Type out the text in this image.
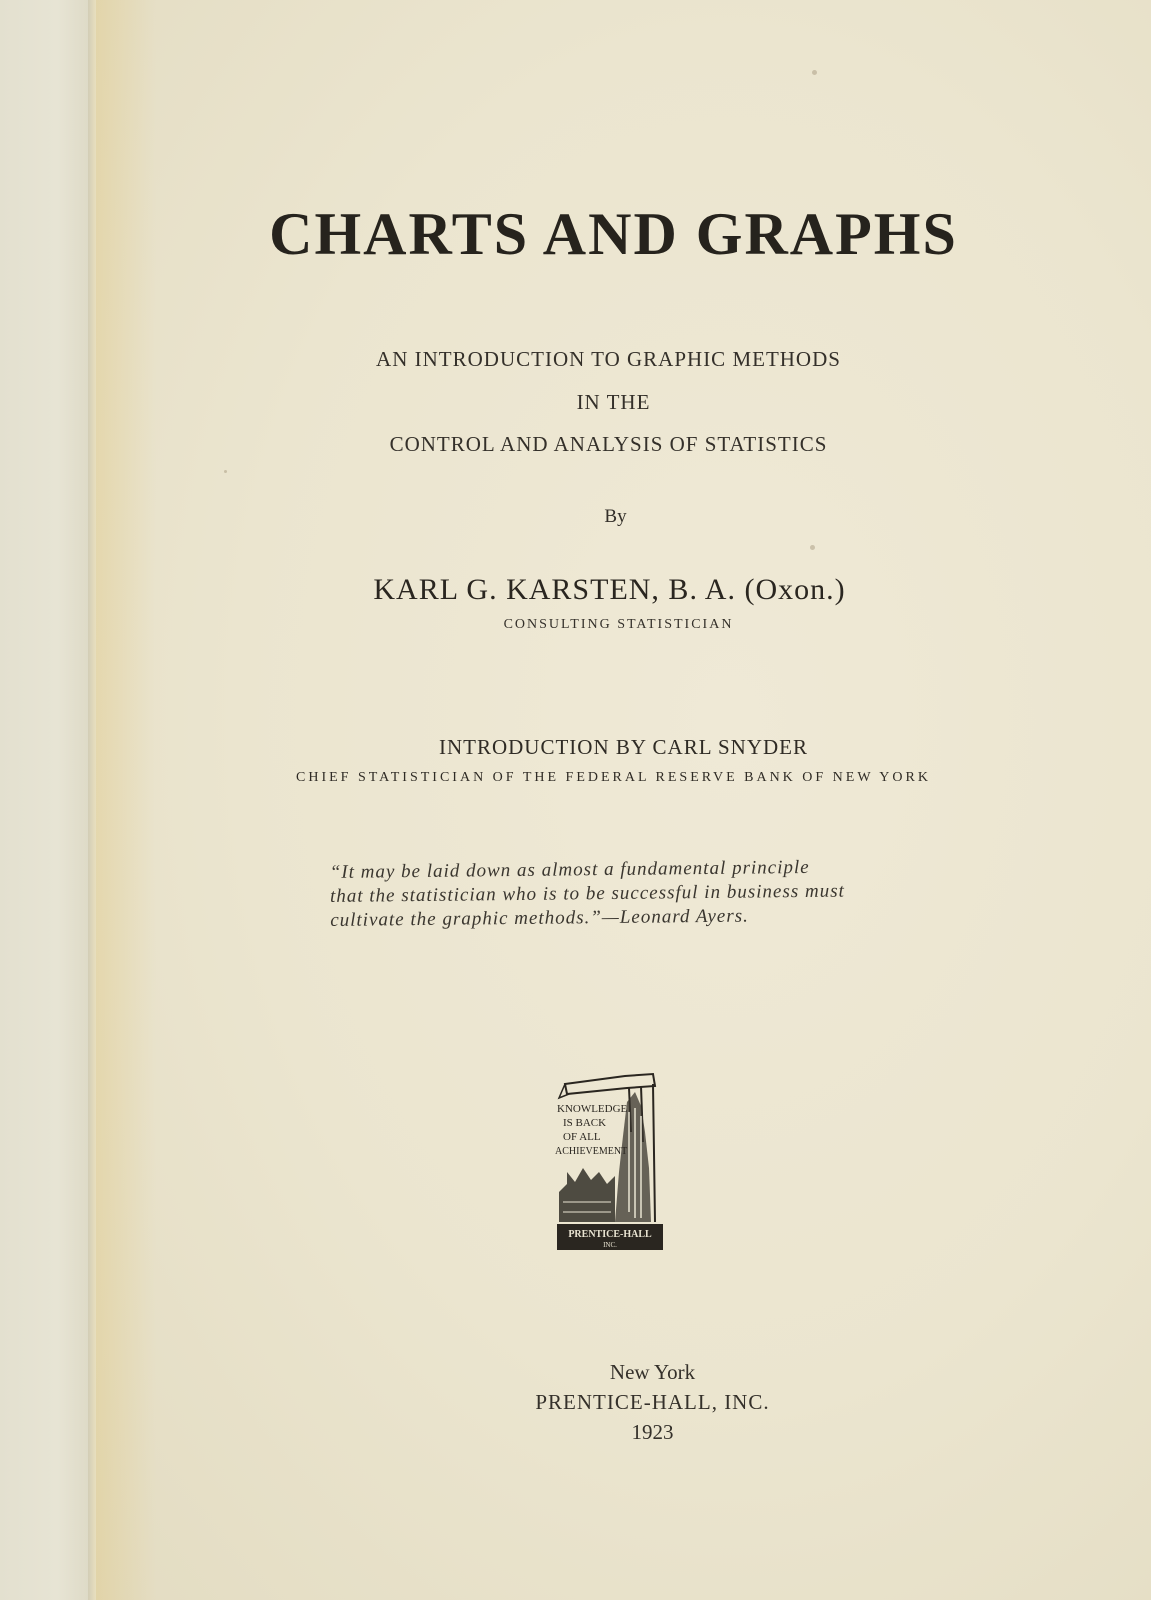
CHARTS AND GRAPHS
AN INTRODUCTION TO GRAPHIC METHODS
IN THE
CONTROL AND ANALYSIS OF STATISTICS
By
KARL G. KARSTEN, B. A. (Oxon.)
CONSULTING STATISTICIAN
INTRODUCTION BY CARL SNYDER
CHIEF STATISTICIAN OF THE FEDERAL RESERVE BANK OF NEW YORK
“It may be laid down as almost a fundamental principle
that the statistician who is to be successful in business must
cultivate the graphic methods.”—Leonard Ayers.
KNOWLEDGE
IS BACK
OF ALL
ACHIEVEMENT
PRENTICE-HALL
INC.
New York
PRENTICE-HALL, INC.
1923
